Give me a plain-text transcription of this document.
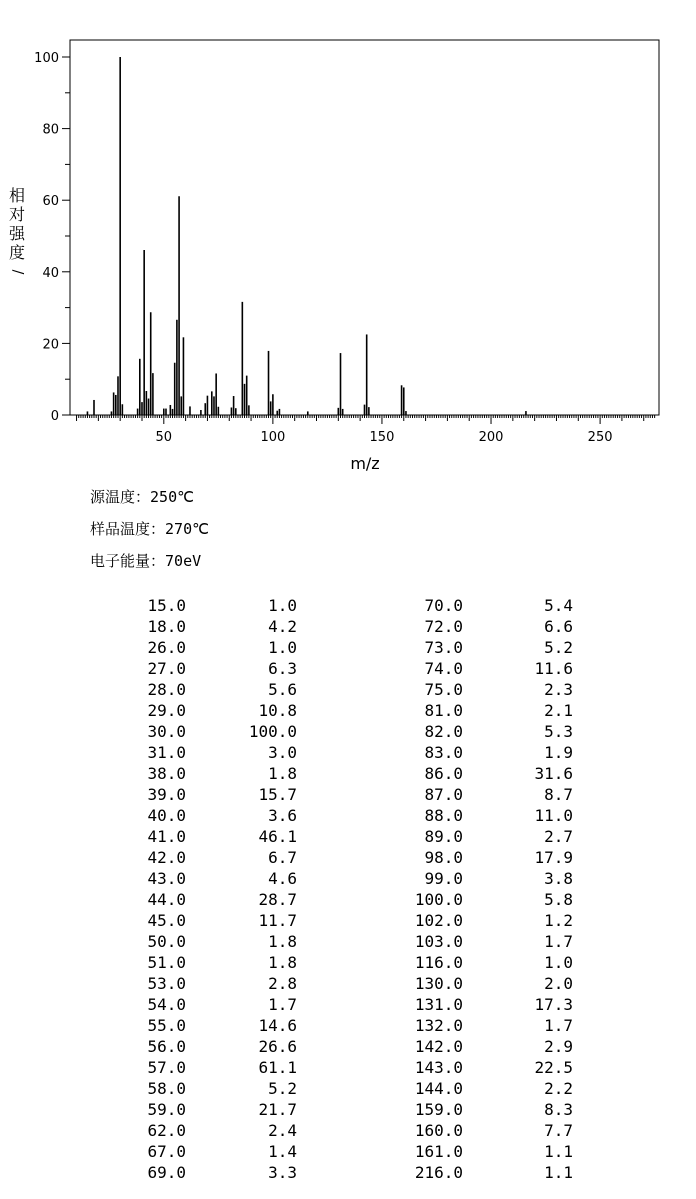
50	100	150	200	250
0
20
40
60
80
100
m/z
相
对
强
度
/
源温度：250℃
样品温度：270℃
电子能量：70eV
15.0	1.0	70.0	5.4
18.0	4.2	72.0	6.6
26.0	1.0	73.0	5.2
27.0	6.3	74.0	11.6
28.0	5.6	75.0	2.3
29.0	10.8	81.0	2.1
30.0	100.0	82.0	5.3
31.0	3.0	83.0	1.9
38.0	1.8	86.0	31.6
39.0	15.7	87.0	8.7
40.0	3.6	88.0	11.0
41.0	46.1	89.0	2.7
42.0	6.7	98.0	17.9
43.0	4.6	99.0	3.8
44.0	28.7	100.0	5.8
45.0	11.7	102.0	1.2
50.0	1.8	103.0	1.7
51.0	1.8	116.0	1.0
53.0	2.8	130.0	2.0
54.0	1.7	131.0	17.3
55.0	14.6	132.0	1.7
56.0	26.6	142.0	2.9
57.0	61.1	143.0	22.5
58.0	5.2	144.0	2.2
59.0	21.7	159.0	8.3
62.0	2.4	160.0	7.7
67.0	1.4	161.0	1.1
69.0	3.3	216.0	1.1
